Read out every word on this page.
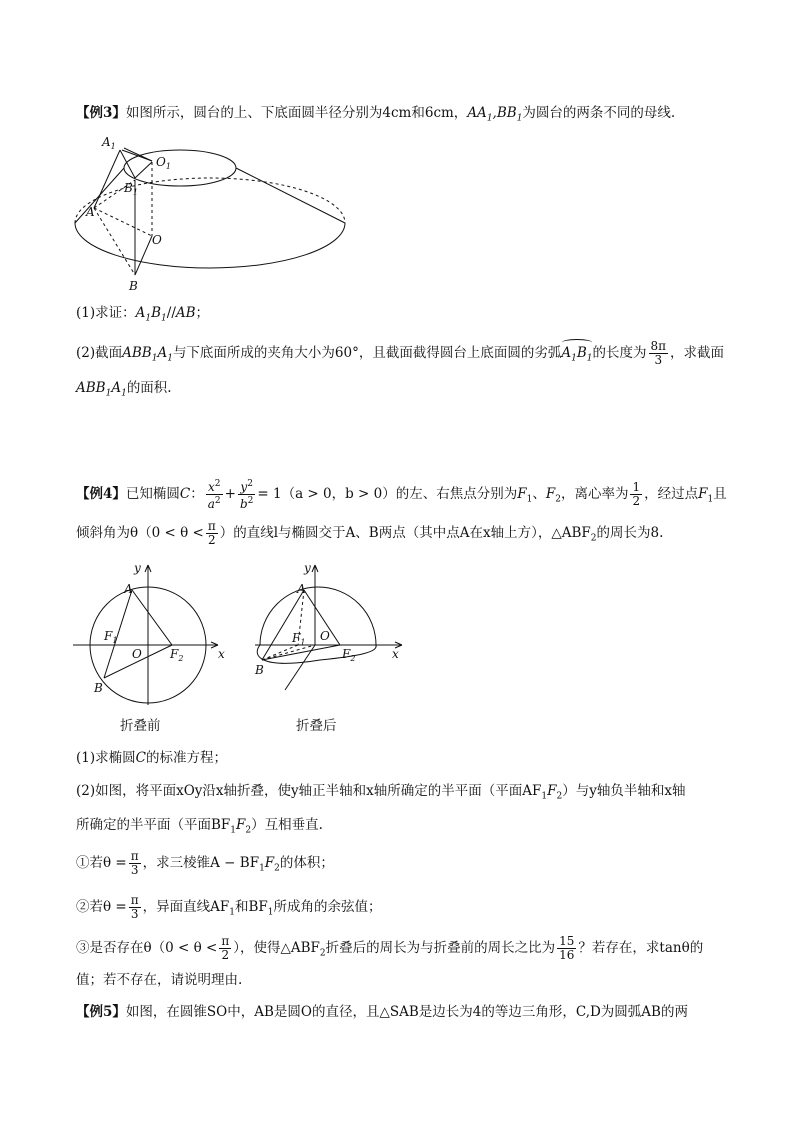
【例3】如图所示，圆台的上、下底面圆半径分别为4cm和6cm，$AA_1,BB_1$为圆台的两条不同的母线.
$A_1$
$O_1$
$B_1$
A
O
B
(1)求证：$A_1B_1//AB$；
(2)截面$ABB_1A_1$与下底面所成的夹角大小为60°，且截面截得圆台上底面圆的劣弧$A_1B_1$的长度为 $\frac{8\pi}{3}$ ，求截面
$ABB_1A_1$的面积.
【例4】已知椭圆C： $\frac{x^2}{a^2} + \frac{y^2}{b^2} = 1(a > 0$，b > 0）的左、右焦点分别为$F_1$、$F_2$，离心率为 $\frac{1}{2}$ ，经过点$F_1$且
倾斜角为$\theta(0 < \theta < \frac{\pi}{2}$ ）的直线l与椭圆交于A、B两点（其中点A在x轴上方），$\triangle ABF_2$的周长为8.
y
x
A
B
O
$F_1$
$F_2$
折叠前
y
x
A
B
O
$F_1$
$F_2$
折叠后
(1)求椭圆C的标准方程；
(2)如图，将平面xOy沿x轴折叠，使y轴正半轴和x轴所确定的半平面（平面$AF_1F_2$）与y轴负半轴和x轴
所确定的半平面（平面$BF_1F_2$）互相垂直.
①若$\theta = \frac{\pi}{3}$ ，求三棱锥$A - BF_1F_2$的体积；
②若$\theta = \frac{\pi}{3}$ ，异面直线$AF_1$和$BF_1$所成角的余弦值；
③是否存在$\theta(0 < \theta < \frac{\pi}{2}$ ），使得$\triangle ABF_2$折叠后的周长为与折叠前的周长之比为 $\frac{15}{16}$ ？若存在，求tanθ的
值；若不存在，请说明理由.
【例5】如图，在圆锥SO中，AB是圆O的直径，且△SAB是边长为4的等边三角形，C,D为圆弧AB的两
